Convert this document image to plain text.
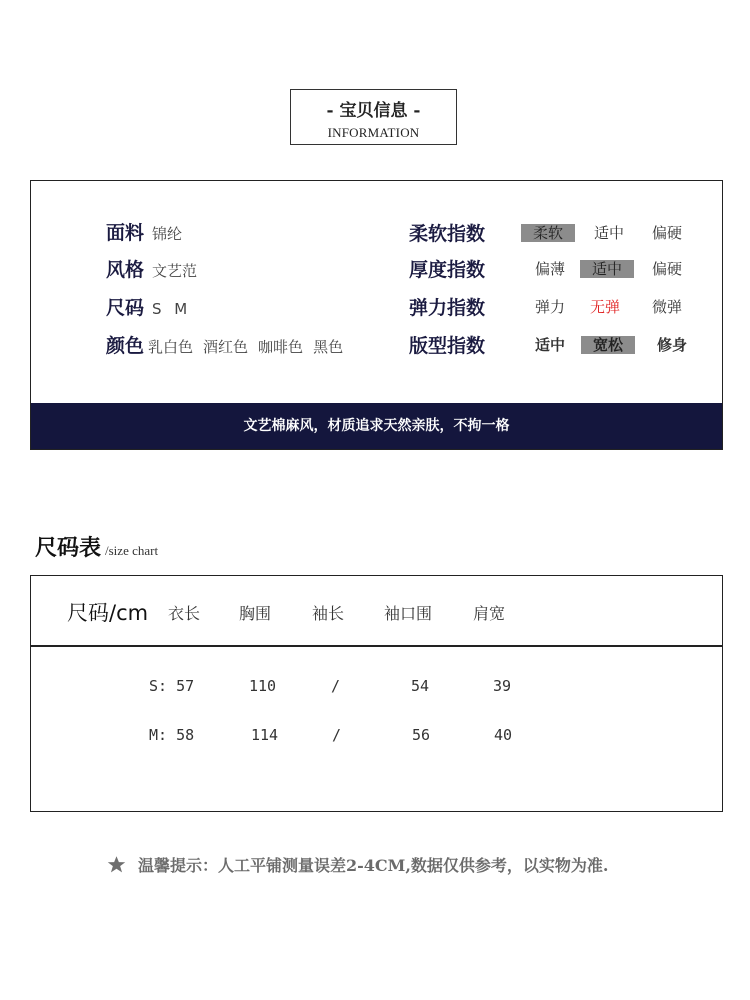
- 宝贝信息 -
INFORMATION
面料 锦纶
风格 文艺范
尺码 S M
颜色 乳白色 酒红色 咖啡色 黑色
柔软指数	柔软	适中	偏硬
厚度指数	偏薄	适中	偏硬
弹力指数	弹力	无弹	微弹
版型指数	适中	宽松	修身
文艺棉麻风，材质追求天然亲肤，不拘一格
尺码表 /size chart
尺码/cm 衣长 胸围	袖长 袖口围	肩宽
S: 57	110	/	54	39
M: 58	114	/	56	40
温馨提示：人工平铺测量误差2-4CM,数据仅供参考，以实物为准.
